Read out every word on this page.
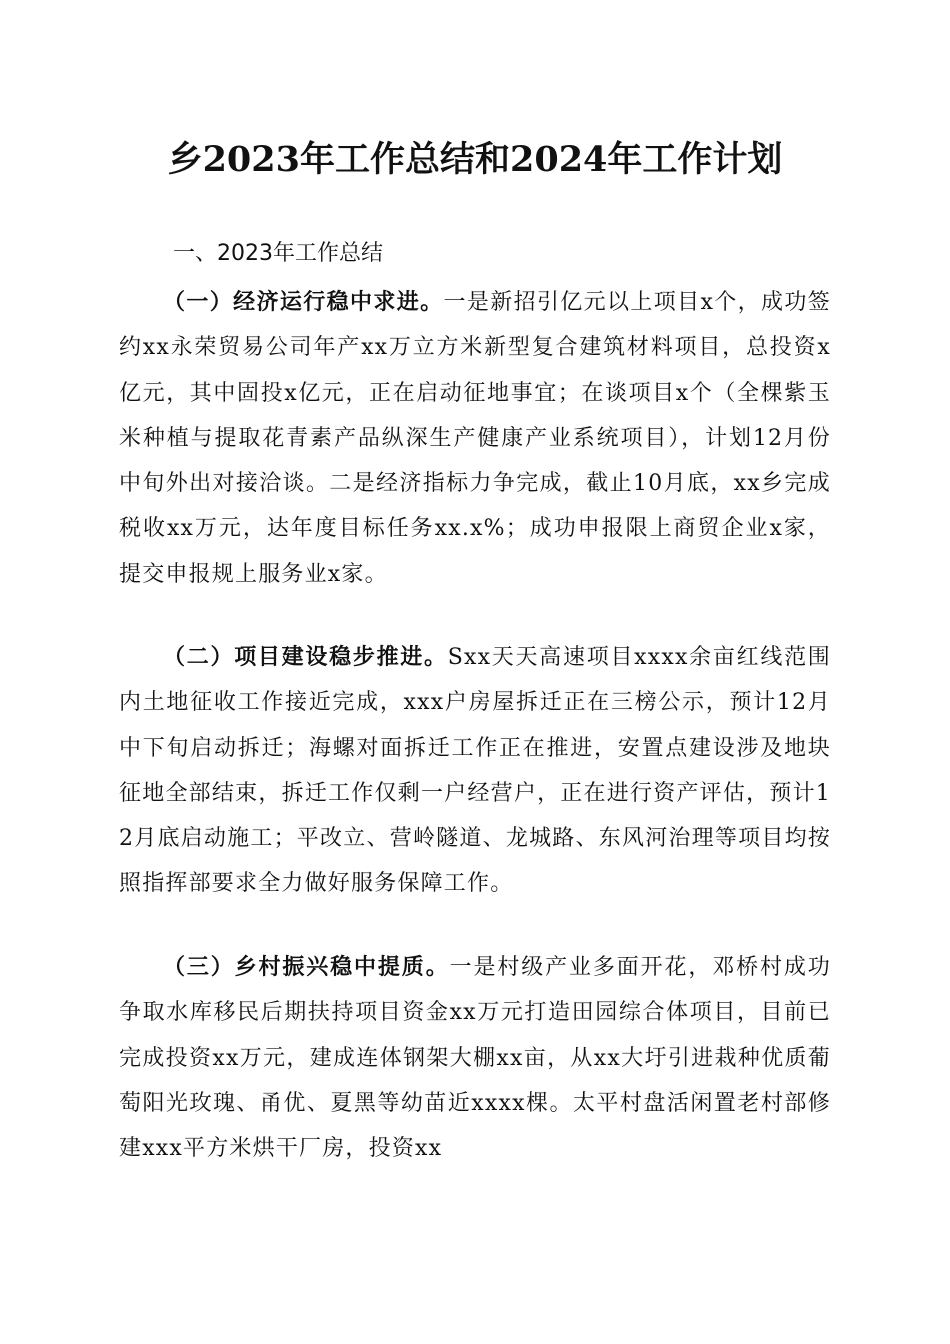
乡2023年工作总结和2024年工作计划
一、2023年工作总结

（一）经济运行稳中求进。一是新招引亿元以上项目x个，成功签约xx永荣贸易公司年产xx万立方米新型复合建筑材料项目，总投资x亿元，其中固投x亿元，正在启动征地事宜；在谈项目x个（全棵紫玉米种植与提取花青素产品纵深生产健康产业系统项目），计划12月份中旬外出对接洽谈。二是经济指标力争完成，截止10月底，xx乡完成税收xx万元，达年度目标任务xx.x%；成功申报限上商贸企业x家，提交申报规上服务业x家。

（二）项目建设稳步推进。Sxx天天高速项目xxxx余亩红线范围内土地征收工作接近完成，xxx户房屋拆迁正在三榜公示，预计12月中下旬启动拆迁；海螺对面拆迁工作正在推进，安置点建设涉及地块征地全部结束，拆迁工作仅剩一户经营户，正在进行资产评估，预计12月底启动施工；平改立、营岭隧道、龙城路、东风河治理等项目均按照指挥部要求全力做好服务保障工作。

（三）乡村振兴稳中提质。一是村级产业多面开花，邓桥村成功争取水库移民后期扶持项目资金xx万元打造田园综合体项目，目前已完成投资xx万元，建成连体钢架大棚xx亩，从xx大圩引进栽种优质葡萄阳光玫瑰、甬优、夏黑等幼苗近xxxx棵。太平村盘活闲置老村部修建xxx平方米烘干厂房，投资xx
